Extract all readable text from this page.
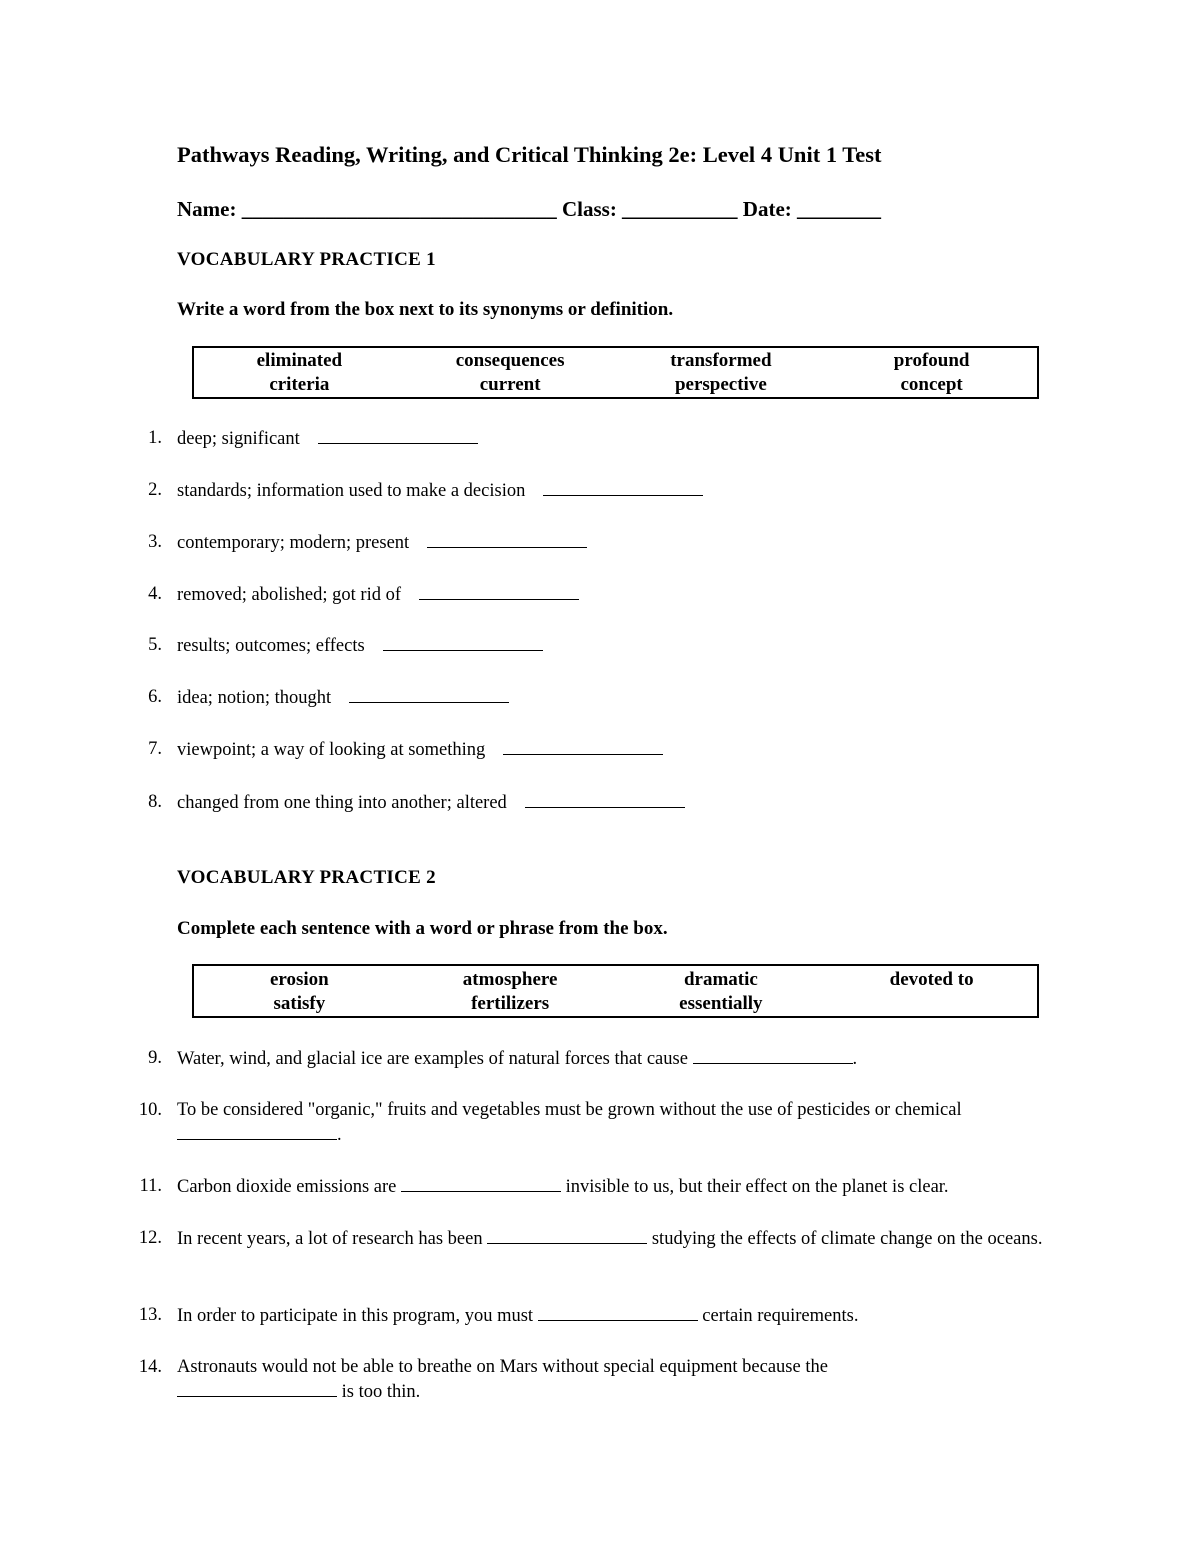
Pathways Reading, Writing, and Critical Thinking 2e: Level 4 Unit 1 Test
Name: ______________________________ Class: ___________ Date: ________
VOCABULARY PRACTICE 1
Write a word from the box next to its synonyms or definition.
eliminated	consequences	transformed	profound
criteria	current	perspective	concept
1. deep; significant
2. standards; information used to make a decision
3. contemporary; modern; present
4. removed; abolished; got rid of
5. results; outcomes; effects
6. idea; notion; thought
7. viewpoint; a way of looking at something
8. changed from one thing into another; altered
VOCABULARY PRACTICE 2
Complete each sentence with a word or phrase from the box.
erosion	atmosphere	dramatic	devoted to
satisfy	fertilizers	essentially
9. Water, wind, and glacial ice are examples of natural forces that cause	.
10. To be considered "organic," fruits and vegetables must be grown without the use of pesticides or chemical .
11. Carbon dioxide emissions are	invisible to us, but their effect on the planet is clear.
12. In recent years, a lot of research has been	studying the effects of climate change on the oceans.
13. In order to participate in this program, you must	certain requirements.
14. Astronauts would not be able to breathe on Mars without special equipment because the  is too thin.
